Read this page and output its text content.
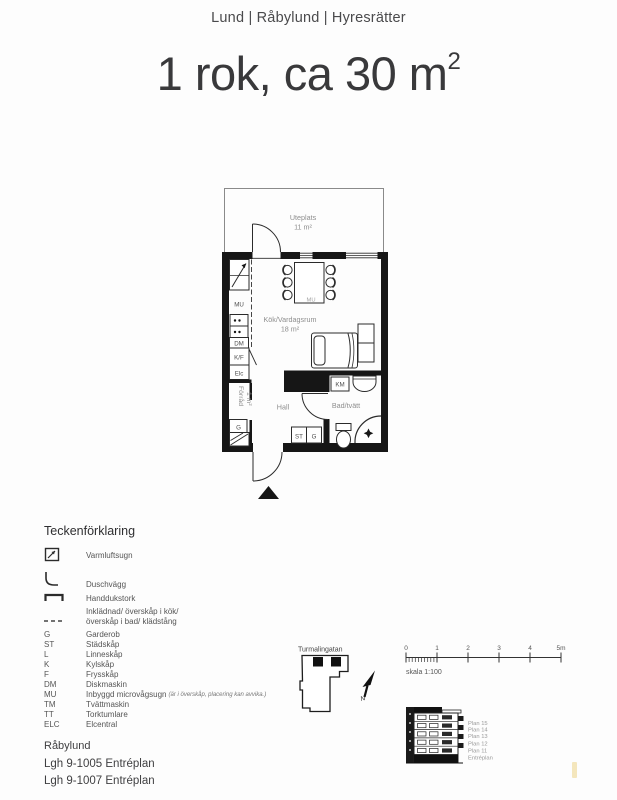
Lund | Råbylund | Hyresrätter
1 rok, ca 30 $m^2$
Uteplats
11 m²
MU
DM
K/F
Elc
Förråd 1 m²
G
MU
Kök/Vardagsrum
18 m²
KM
Bad/tvätt
Hall
ST G

Teckenförklaring

Varmluftsugn
Duschvägg
Handdukstork
Inklädnad/ överskåp i kök/
överskåp i bad/ klädstång
G	Garderob
ST	Städskåp
L	Linneskåp
K	Kylskåp
F	Frysskåp
DM	Diskmaskin
MU	Inbyggd microvågsugn (är i överskåp, placering kan avvika.)
TM	Tvättmaskin
TT	Torktumlare
ELC	Elcentral
Turmalingatan
N
0	1	2	3	4	5m
skala 1:100
Plan 15
Plan 14
Plan 13
Plan 12
Plan 11
Entréplan
Råbylund
Lgh 9-1005 Entréplan
Lgh 9-1007 Entréplan
